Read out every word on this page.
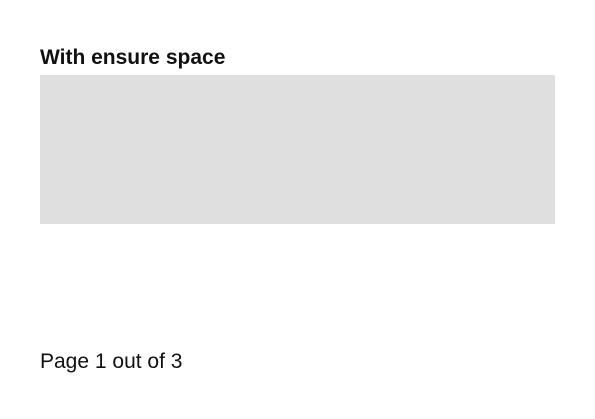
With ensure space
Page 1 out of 3
